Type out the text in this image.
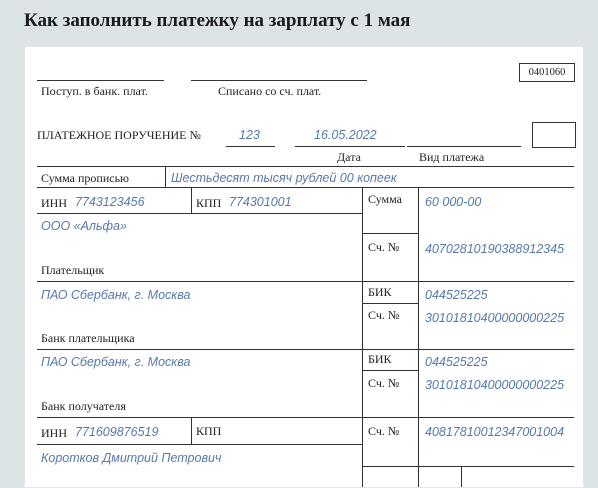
Как заполнить платежку на зарплату с 1 мая
0401060
Поступ. в банк. плат.	Списано со сч. плат.
ПЛАТЕЖНОЕ ПОРУЧЕНИЕ №	123	16.05.2022
Дата	Вид платежа
Сумма прописью	Шестьдесят тысяч рублей 00 копеек
ИНН 7743123456	КПП 774301001	Сумма 60 000-00
ООО «Альфа»
Сч. № 40702810190388912345
Плательщик
ПАО Сбербанк, г. Москва	БИК	044525225
Сч. № 30101810400000000225
Банк плательщика
ПАО Сбербанк, г. Москва	БИК	044525225
Сч. № 30101810400000000225
Банк получателя
ИНН 771609876519	КПП	Сч. № 40817810012347001004
Коротков Дмитрий Петрович
